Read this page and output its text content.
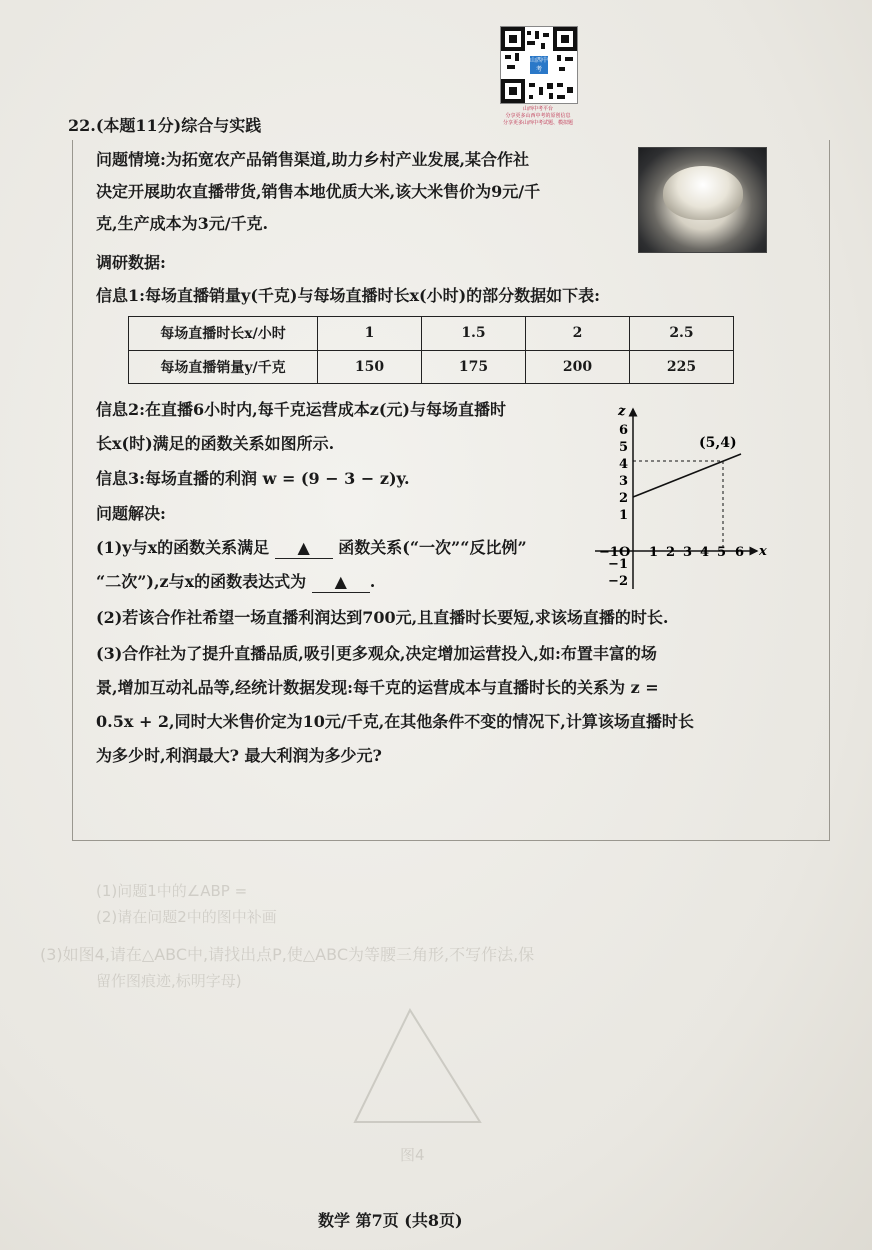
(1)问题1中的∠ABP =
(2)请在问题2中的图中补画
(3)如图4,请在△ABC中,请找出点P,使△ABC为等腰三角形,不写作法,保
留作图痕迹,标明字母)
图4
山西中考
山西中考平台
分享更多山西中考的原创信息
分享更多山西中考试题、模拟题
22.(本题11分)综合与实践
问题情境:为拓宽农产品销售渠道,助力乡村产业发展,某合作社
决定开展助农直播带货,销售本地优质大米,该大米售价为9元/千
克,生产成本为3元/千克.
调研数据:
信息1:每场直播销量y(千克)与每场直播时长x(小时)的部分数据如下表:
每场直播时长x/小时	1	1.5	2	2.5
每场直播销量y/千克	150	175	200	225
信息2:在直播6小时内,每千克运营成本z(元)与每场直播时
长x(时)满足的函数关系如图所示.
信息3:每场直播的利润 w = (9 − 3 − z)y.
问题解决:
(1)y与x的函数关系满足 ▲ 函数关系(“一次”“反比例”
“二次”),z与x的函数表达式为 ▲ .
(2)若该合作社希望一场直播利润达到700元,且直播时长要短,求该场直播的时长.
(3)合作社为了提升直播品质,吸引更多观众,决定增加运营投入,如:布置丰富的场
景,增加互动礼品等,经统计数据发现:每千克的运营成本与直播时长的关系为 z =
0.5x + 2,同时大米售价定为10元/千克,在其他条件不变的情况下,计算该场直播时长
为多少时,利润最大? 最大利润为多少元?
x
z
1 2 3 4 5 6
6
5
4
3
2
1
−1
−2
−1O
(5,4)
数学 第7页 (共8页)
